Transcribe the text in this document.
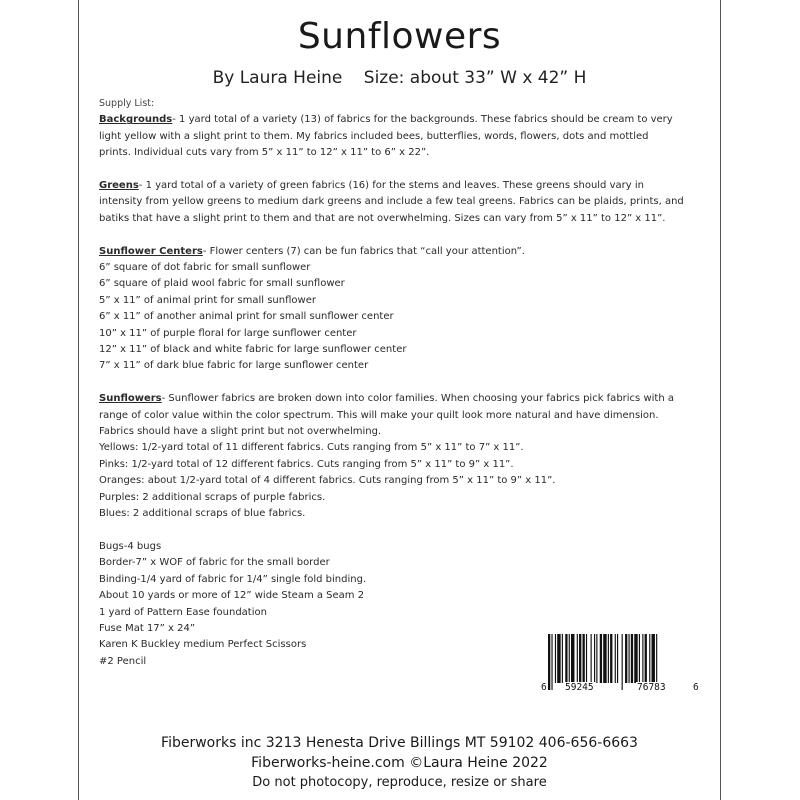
Sunflowers
By Laura Heine Size: about 33” W x 42” H
Supply List:
Backgrounds- 1 yard total of a variety (13) of fabrics for the backgrounds. These fabrics should be cream to very
light yellow with a slight print to them. My fabrics included bees, butterflies, words, flowers, dots and mottled
prints. Individual cuts vary from 5” x 11” to 12” x 11” to 6” x 22”.
Greens- 1 yard total of a variety of green fabrics (16) for the stems and leaves. These greens should vary in
intensity from yellow greens to medium dark greens and include a few teal greens. Fabrics can be plaids, prints, and
batiks that have a slight print to them and that are not overwhelming. Sizes can vary from 5” x 11” to 12” x 11”.
Sunflower Centers- Flower centers (7) can be fun fabrics that “call your attention”.
6” square of dot fabric for small sunflower
6” square of plaid wool fabric for small sunflower
5” x 11” of animal print for small sunflower
6” x 11” of another animal print for small sunflower center
10” x 11” of purple floral for large sunflower center
12” x 11” of black and white fabric for large sunflower center
7” x 11” of dark blue fabric for large sunflower center
Sunflowers- Sunflower fabrics are broken down into color families. When choosing your fabrics pick fabrics with a
range of color value within the color spectrum. This will make your quilt look more natural and have dimension.
Fabrics should have a slight print but not overwhelming.
Yellows: 1/2-yard total of 11 different fabrics. Cuts ranging from 5” x 11” to 7” x 11”.
Pinks: 1/2-yard total of 12 different fabrics. Cuts ranging from 5” x 11” to 9” x 11”.
Oranges: about 1/2-yard total of 4 different fabrics. Cuts ranging from 5” x 11” to 9” x 11”.
Purples: 2 additional scraps of purple fabrics.
Blues: 2 additional scraps of blue fabrics.
Bugs-4 bugs
Border-7” x WOF of fabric for the small border
Binding-1/4 yard of fabric for 1/4” single fold binding.
About 10 yards or more of 12” wide Steam a Seam 2
1 yard of Pattern Ease foundation
Fuse Mat 17” x 24”
Karen K Buckley medium Perfect Scissors
#2 Pencil
6 59245	76783	6
Fiberworks inc 3213 Henesta Drive Billings MT 59102 406-656-6663
Fiberworks-heine.com ©Laura Heine 2022
Do not photocopy, reproduce, resize or share
